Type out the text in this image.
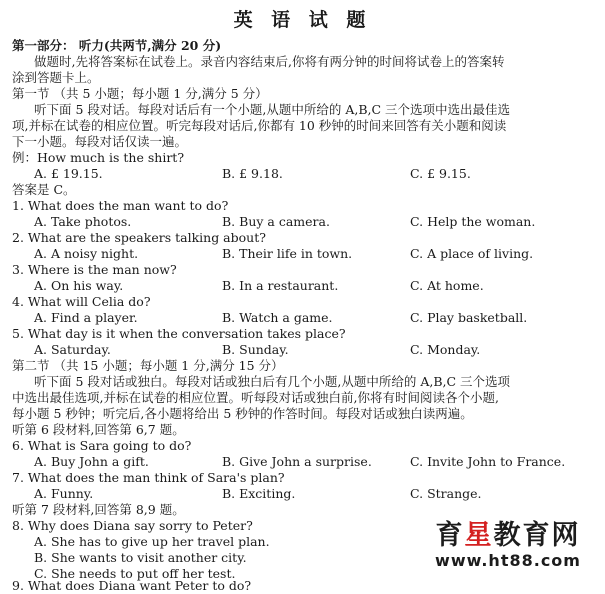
英 语 试 题
第一部分： 听力(共两节,满分 20 分)
做题时,先将答案标在试卷上。录音内容结束后,你将有两分钟的时间将试卷上的答案转
涂到答题卡上。
第一节 （共 5 小题；每小题 1 分,满分 5 分）
听下面 5 段对话。每段对话后有一个小题,从题中所给的 A,B,C 三个选项中选出最佳选
项,并标在试卷的相应位置。听完每段对话后,你都有 10 秒钟的时间来回答有关小题和阅读
下一小题。每段对话仅读一遍。
例：How much is the shirt?
A. £ 19.15.	B. £ 9.18.	C. £ 9.15.
答案是 C。
1. What does the man want to do?
A. Take photos.	B. Buy a camera.	C. Help the woman.
2. What are the speakers talking about?
A. A noisy night.	B. Their life in town.	C. A place of living.
3. Where is the man now?
A. On his way.	B. In a restaurant.	C. At home.
4. What will Celia do?
A. Find a player.	B. Watch a game.	C. Play basketball.
5. What day is it when the conversation takes place?
A. Saturday.	B. Sunday.	C. Monday.
第二节 （共 15 小题；每小题 1 分,满分 15 分）
听下面 5 段对话或独白。每段对话或独白后有几个小题,从题中所给的 A,B,C 三个选项
中选出最佳选项,并标在试卷的相应位置。听每段对话或独白前,你将有时间阅读各个小题,
每小题 5 秒钟；听完后,各小题将给出 5 秒钟的作答时间。每段对话或独白读两遍。
听第 6 段材料,回答第 6,7 题。
6. What is Sara going to do?
A. Buy John a gift.	B. Give John a surprise.	C. Invite John to France.
7. What does the man think of Sara's plan?
A. Funny.	B. Exciting.	C. Strange.
听第 7 段材料,回答第 8,9 题。
8. Why does Diana say sorry to Peter?
A. She has to give up her travel plan.
B. She wants to visit another city.
C. She needs to put off her test.
9. What does Diana want Peter to do?
育星教育网
www.ht88.com
